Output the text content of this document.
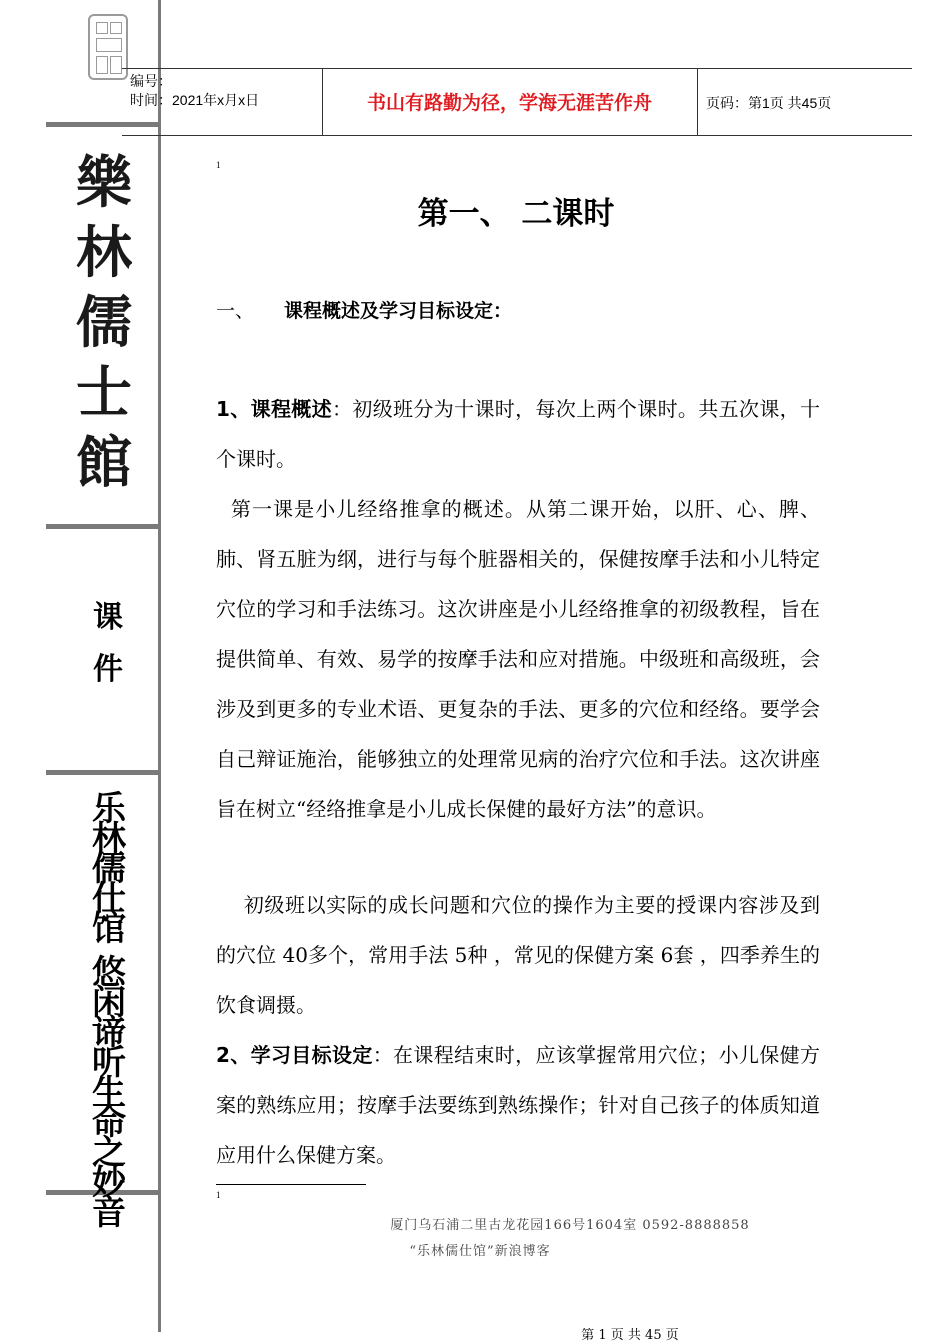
樂
林
儒
士
館
课
件
乐
林
儒
仕
馆
悠
闲
谛
听
生
命
之
妙
音
编号：
时间：2021年x月x日	书山有路勤为径，学海无涯苦作舟	页码：第1页 共45页
1
第一、 二课时
一、 课程概述及学习目标设定：
1、课程概述：初级班分为十课时，每次上两个课时。共五次课，十个课时。
第一课是小儿经络推拿的概述。从第二课开始，以肝、心、脾、肺、肾五脏为纲，进行与每个脏器相关的，保健按摩手法和小儿特定穴位的学习和手法练习。这次讲座是小儿经络推拿的初级教程，旨在提供简单、有效、易学的按摩手法和应对措施。中级班和高级班，会涉及到更多的专业术语、更复杂的手法、更多的穴位和经络。要学会自己辩证施治，能够独立的处理常见病的治疗穴位和手法。这次讲座旨在树立“经络推拿是小儿成长保健的最好方法”的意识。
初级班以实际的成长问题和穴位的操作为主要的授课内容涉及到的穴位 40多个，常用手法 5种 ，常见的保健方案 6套 ，四季养生的饮食调摄。
2、学习目标设定：在课程结束时，应该掌握常用穴位；小儿保健方案的熟练应用；按摩手法要练到熟练操作；针对自己孩子的体质知道应用什么保健方案。
1
厦门乌石浦二里古龙花园166号1604室 0592-8888858
“乐林儒仕馆”新浪博客
第 1 页 共 45 页
